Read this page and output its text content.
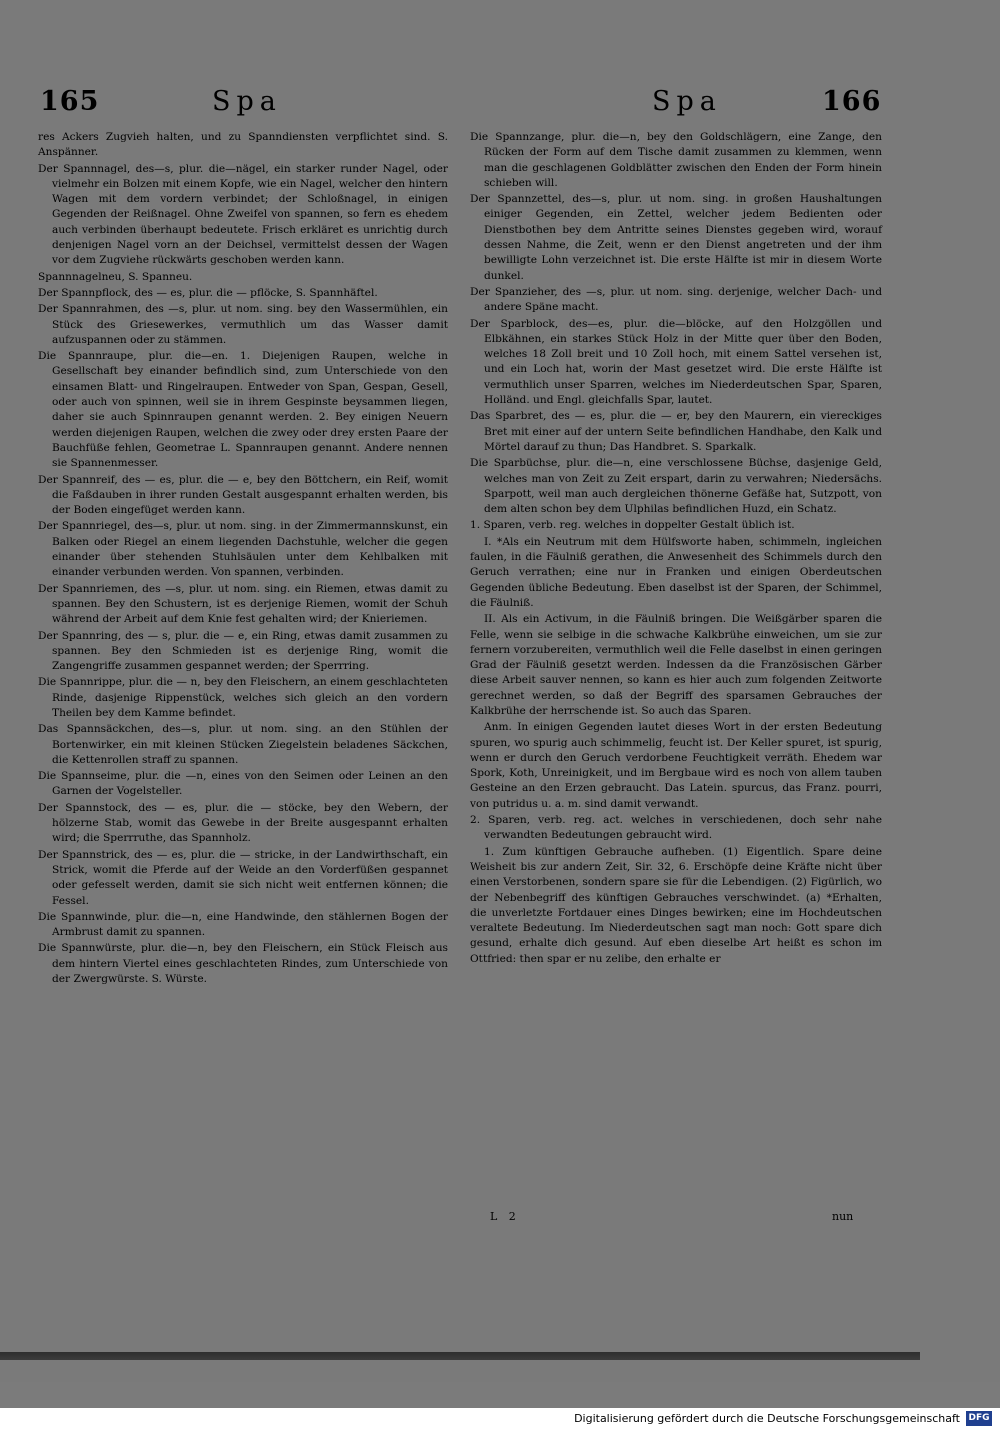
165	Spa	Spa	166

res Ackers Zugvieh halten, und zu Spanndiensten verpflichtet sind. S. Anspänner.

Der Spannnagel, des—s, plur. die—nägel, ein starker runder Nagel, oder vielmehr ein Bolzen mit einem Kopfe, wie ein Nagel, welcher den hintern Wagen mit dem vordern verbindet; der Schloßnagel, in einigen Gegenden der Reißnagel. Ohne Zweifel von spannen, so fern es ehedem auch verbinden überhaupt bedeutete. Frisch erkläret es unrichtig durch denjenigen Nagel vorn an der Deichsel, vermittelst dessen der Wagen vor dem Zugviehe rückwärts geschoben werden kann.

Spannnagelneu, S. Spanneu.

Der Spannpflock, des — es, plur. die — pflöcke, S. Spannhäftel.

Der Spannrahmen, des —s, plur. ut nom. sing. bey den Wassermühlen, ein Stück des Griesewerkes, vermuthlich um das Wasser damit aufzuspannen oder zu stämmen.

Die Spannraupe, plur. die—en. 1. Diejenigen Raupen, welche in Gesellschaft bey einander befindlich sind, zum Unterschiede von den einsamen Blatt- und Ringelraupen. Entweder von Span, Gespan, Gesell, oder auch von spinnen, weil sie in ihrem Gespinste beysammen liegen, daher sie auch Spinnraupen genannt werden. 2. Bey einigen Neuern werden diejenigen Raupen, welchen die zwey oder drey ersten Paare der Bauchfüße fehlen, Geometrae L. Spannraupen genannt. Andere nennen sie Spannenmesser.

Der Spannreif, des — es, plur. die — e, bey den Böttchern, ein Reif, womit die Faßdauben in ihrer runden Gestalt ausgespannt erhalten werden, bis der Boden eingefüget werden kann.

Der Spannriegel, des—s, plur. ut nom. sing. in der Zimmermannskunst, ein Balken oder Riegel an einem liegenden Dachstuhle, welcher die gegen einander über stehenden Stuhlsäulen unter dem Kehlbalken mit einander verbunden werden. Von spannen, verbinden.

Der Spannriemen, des —s, plur. ut nom. sing. ein Riemen, etwas damit zu spannen. Bey den Schustern, ist es derjenige Riemen, womit der Schuh während der Arbeit auf dem Knie fest gehalten wird; der Knieriemen.

Der Spannring, des — s, plur. die — e, ein Ring, etwas damit zusammen zu spannen. Bey den Schmieden ist es derjenige Ring, womit die Zangengriffe zusammen gespannet werden; der Sperrring.

Die Spannrippe, plur. die — n, bey den Fleischern, an einem geschlachteten Rinde, dasjenige Rippenstück, welches sich gleich an den vordern Theilen bey dem Kamme befindet.

Das Spannsäckchen, des—s, plur. ut nom. sing. an den Stühlen der Bortenwirker, ein mit kleinen Stücken Ziegelstein beladenes Säckchen, die Kettenrollen straff zu spannen.

Die Spannseime, plur. die —n, eines von den Seimen oder Leinen an den Garnen der Vogelsteller.

Der Spannstock, des — es, plur. die — stöcke, bey den Webern, der hölzerne Stab, womit das Gewebe in der Breite ausgespannt erhalten wird; die Sperrruthe, das Spannholz.

Der Spannstrick, des — es, plur. die — stricke, in der Landwirthschaft, ein Strick, womit die Pferde auf der Weide an den Vorderfüßen gespannet oder gefesselt werden, damit sie sich nicht weit entfernen können; die Fessel.

Die Spannwinde, plur. die—n, eine Handwinde, den stählernen Bogen der Armbrust damit zu spannen.

Die Spannwürste, plur. die—n, bey den Fleischern, ein Stück Fleisch aus dem hintern Viertel eines geschlachteten Rindes, zum Unterschiede von der Zwergwürste. S. Würste.

Die Spannzange, plur. die—n, bey den Goldschlägern, eine Zange, den Rücken der Form auf dem Tische damit zusammen zu klemmen, wenn man die geschlagenen Goldblätter zwischen den Enden der Form hinein schieben will.

Der Spannzettel, des—s, plur. ut nom. sing. in großen Haushaltungen einiger Gegenden, ein Zettel, welcher jedem Bedienten oder Dienstbothen bey dem Antritte seines Dienstes gegeben wird, worauf dessen Nahme, die Zeit, wenn er den Dienst angetreten und der ihm bewilligte Lohn verzeichnet ist. Die erste Hälfte ist mir in diesem Worte dunkel.

Der Spanzieher, des —s, plur. ut nom. sing. derjenige, welcher Dach- und andere Späne macht.

Der Sparblock, des—es, plur. die—blöcke, auf den Holzgöllen und Elbkähnen, ein starkes Stück Holz in der Mitte quer über den Boden, welches 18 Zoll breit und 10 Zoll hoch, mit einem Sattel versehen ist, und ein Loch hat, worin der Mast gesetzet wird. Die erste Hälfte ist vermuthlich unser Sparren, welches im Niederdeutschen Spar, Sparen, Holländ. und Engl. gleichfalls Spar, lautet.

Das Sparbret, des — es, plur. die — er, bey den Maurern, ein viereckiges Bret mit einer auf der untern Seite befindlichen Handhabe, den Kalk und Mörtel darauf zu thun; Das Handbret. S. Sparkalk.

Die Sparbüchse, plur. die—n, eine verschlossene Büchse, dasjenige Geld, welches man von Zeit zu Zeit erspart, darin zu verwahren; Niedersächs. Sparpott, weil man auch dergleichen thönerne Gefäße hat, Sutzpott, von dem alten schon bey dem Ulphilas befindlichen Huzd, ein Schatz.

1. Sparen, verb. reg. welches in doppelter Gestalt üblich ist.

I. *Als ein Neutrum mit dem Hülfsworte haben, schimmeln, ingleichen faulen, in die Fäulniß gerathen, die Anwesenheit des Schimmels durch den Geruch verrathen; eine nur in Franken und einigen Oberdeutschen Gegenden übliche Bedeutung. Eben daselbst ist der Sparen, der Schimmel, die Fäulniß.

II. Als ein Activum, in die Fäulniß bringen. Die Weißgärber sparen die Felle, wenn sie selbige in die schwache Kalkbrühe einweichen, um sie zur fernern vorzubereiten, vermuthlich weil die Felle daselbst in einen geringen Grad der Fäulniß gesetzt werden. Indessen da die Französischen Gärber diese Arbeit sauver nennen, so kann es hier auch zum folgenden Zeitworte gerechnet werden, so daß der Begriff des sparsamen Gebrauches der Kalkbrühe der herrschende ist. So auch das Sparen.

Anm. In einigen Gegenden lautet dieses Wort in der ersten Bedeutung spuren, wo spurig auch schimmelig, feucht ist. Der Keller spuret, ist spurig, wenn er durch den Geruch verdorbene Feuchtigkeit verräth. Ehedem war Spork, Koth, Unreinigkeit, und im Bergbaue wird es noch von allem tauben Gesteine an den Erzen gebraucht. Das Latein. spurcus, das Franz. pourri, von putridus u. a. m. sind damit verwandt.

2. Sparen, verb. reg. act. welches in verschiedenen, doch sehr nahe verwandten Bedeutungen gebraucht wird.

1. Zum künftigen Gebrauche aufheben. (1) Eigentlich. Spare deine Weisheit bis zur andern Zeit, Sir. 32, 6. Erschöpfe deine Kräfte nicht über einen Verstorbenen, sondern spare sie für die Lebendigen. (2) Figürlich, wo der Nebenbegriff des künftigen Gebrauches verschwindet. (a) *Erhalten, die unverletzte Fortdauer eines Dinges bewirken; eine im Hochdeutschen veraltete Bedeutung. Im Niederdeutschen sagt man noch: Gott spare dich gesund, erhalte dich gesund. Auf eben dieselbe Art heißt es schon im Ottfried: then spar er nu zelibe, den erhalte er

L 2	nun
Digitalisierung gefördert durch die Deutsche Forschungsgemeinschaft DFG
